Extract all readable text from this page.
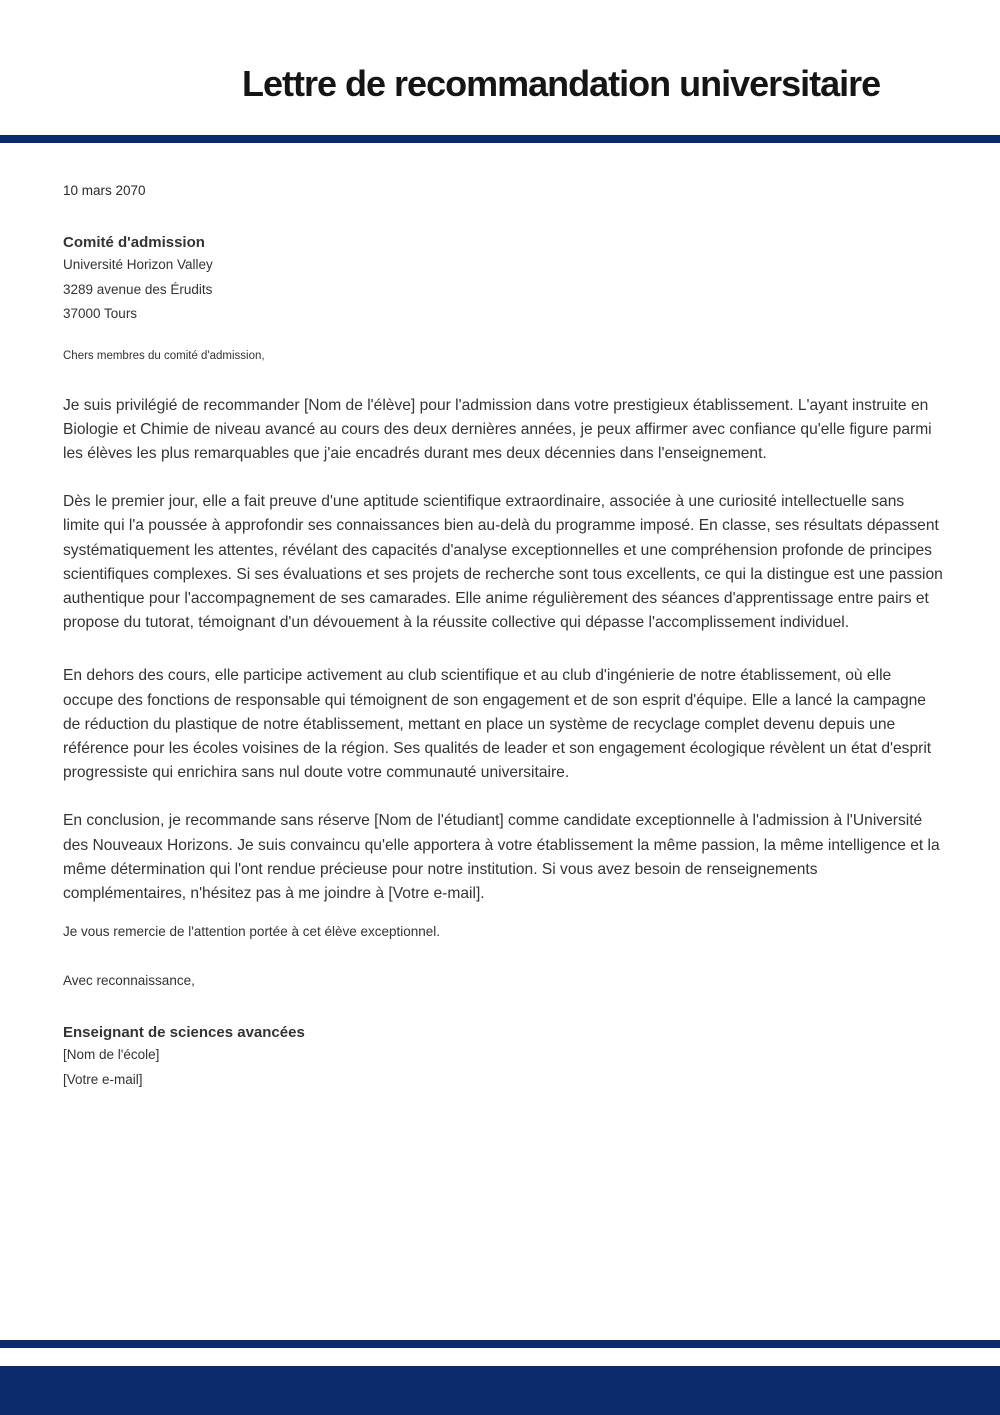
Lettre de recommandation universitaire
10 mars 2070
Comité d'admission
Université Horizon Valley
3289 avenue des Érudits
37000 Tours
Chers membres du comité d'admission,

Je suis privilégié de recommander [Nom de l'élève] pour l'admission dans votre prestigieux établissement. L'ayant instruite en Biologie et Chimie de niveau avancé au cours des deux dernières années, je peux affirmer avec confiance qu'elle figure parmi les élèves les plus remarquables que j'aie encadrés durant mes deux décennies dans l'enseignement.

Dès le premier jour, elle a fait preuve d'une aptitude scientifique extraordinaire, associée à une curiosité intellectuelle sans limite qui l'a poussée à approfondir ses connaissances bien au-delà du programme imposé. En classe, ses résultats dépassent systématiquement les attentes, révélant des capacités d'analyse exceptionnelles et une compréhension profonde de principes scientifiques complexes. Si ses évaluations et ses projets de recherche sont tous excellents, ce qui la distingue est une passion authentique pour l'accompagnement de ses camarades. Elle anime régulièrement des séances d'apprentissage entre pairs et propose du tutorat, témoignant d'un dévouement à la réussite collective qui dépasse l'accomplissement individuel.

En dehors des cours, elle participe activement au club scientifique et au club d'ingénierie de notre établissement, où elle occupe des fonctions de responsable qui témoignent de son engagement et de son esprit d'équipe. Elle a lancé la campagne de réduction du plastique de notre établissement, mettant en place un système de recyclage complet devenu depuis une référence pour les écoles voisines de la région. Ses qualités de leader et son engagement écologique révèlent un état d'esprit progressiste qui enrichira sans nul doute votre communauté universitaire.

En conclusion, je recommande sans réserve [Nom de l'étudiant] comme candidate exceptionnelle à l'admission à l'Université des Nouveaux Horizons. Je suis convaincu qu'elle apportera à votre établissement la même passion, la même intelligence et la même détermination qui l'ont rendue précieuse pour notre institution. Si vous avez besoin de renseignements complémentaires, n'hésitez pas à me joindre à [Votre e-mail].

Je vous remercie de l'attention portée à cet élève exceptionnel.
Avec reconnaissance,
Enseignant de sciences avancées
[Nom de l'école]
[Votre e-mail]
